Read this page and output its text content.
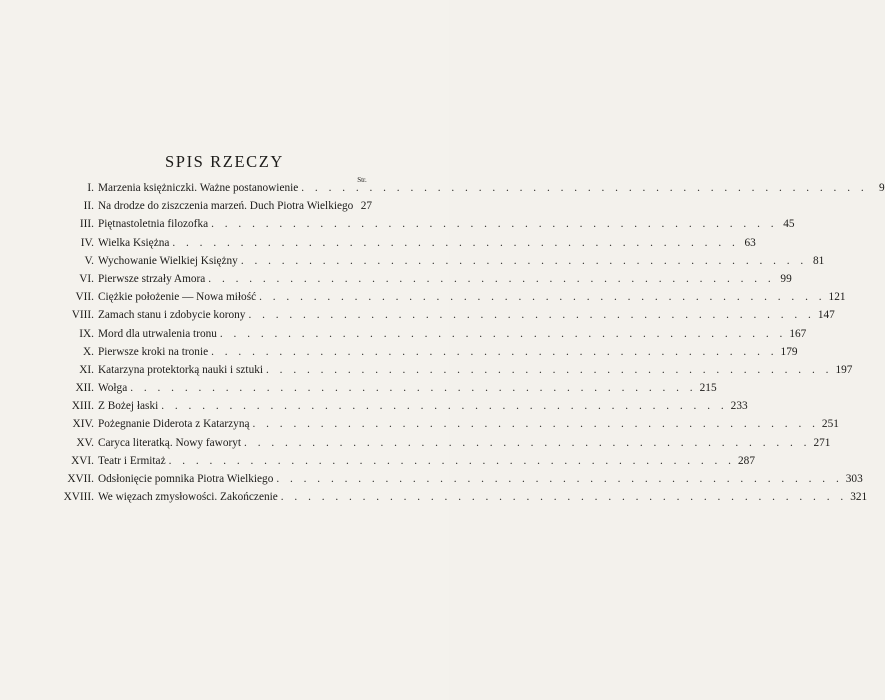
SPIS RZECZY
Str.
I. Marzenia księżniczki. Ważne postanowienie . . .	9
II. Na drodze do ziszczenia marzeń. Duch Piotra Wielkiego 27
III. Piętnastoletnia filozofka . . .	45
IV. Wielka Księżna . . .	63
V. Wychowanie Wielkiej Księżny . . .	81
VI. Pierwsze strzały Amora . . .	99
VII. Ciężkie położenie — Nowa miłość . . .	121
VIII. Zamach stanu i zdobycie korony . . .	147
IX. Mord dla utrwalenia tronu . . .	167
X. Pierwsze kroki na tronie . . .	179
XI. Katarzyna protektorką nauki i sztuki . . .	197
XII. Wołga . . .	215
XIII. Z Bożej łaski . . .	233
XIV. Pożegnanie Diderota z Katarzyną . . .	251
XV. Caryca literatką. Nowy faworyt . . .	271
XVI. Teatr i Ermitaż . . .	287
XVII. Odsłonięcie pomnika Piotra Wielkiego . . .	303
XVIII. We więzach zmysłowości. Zakończenie . . .	321
